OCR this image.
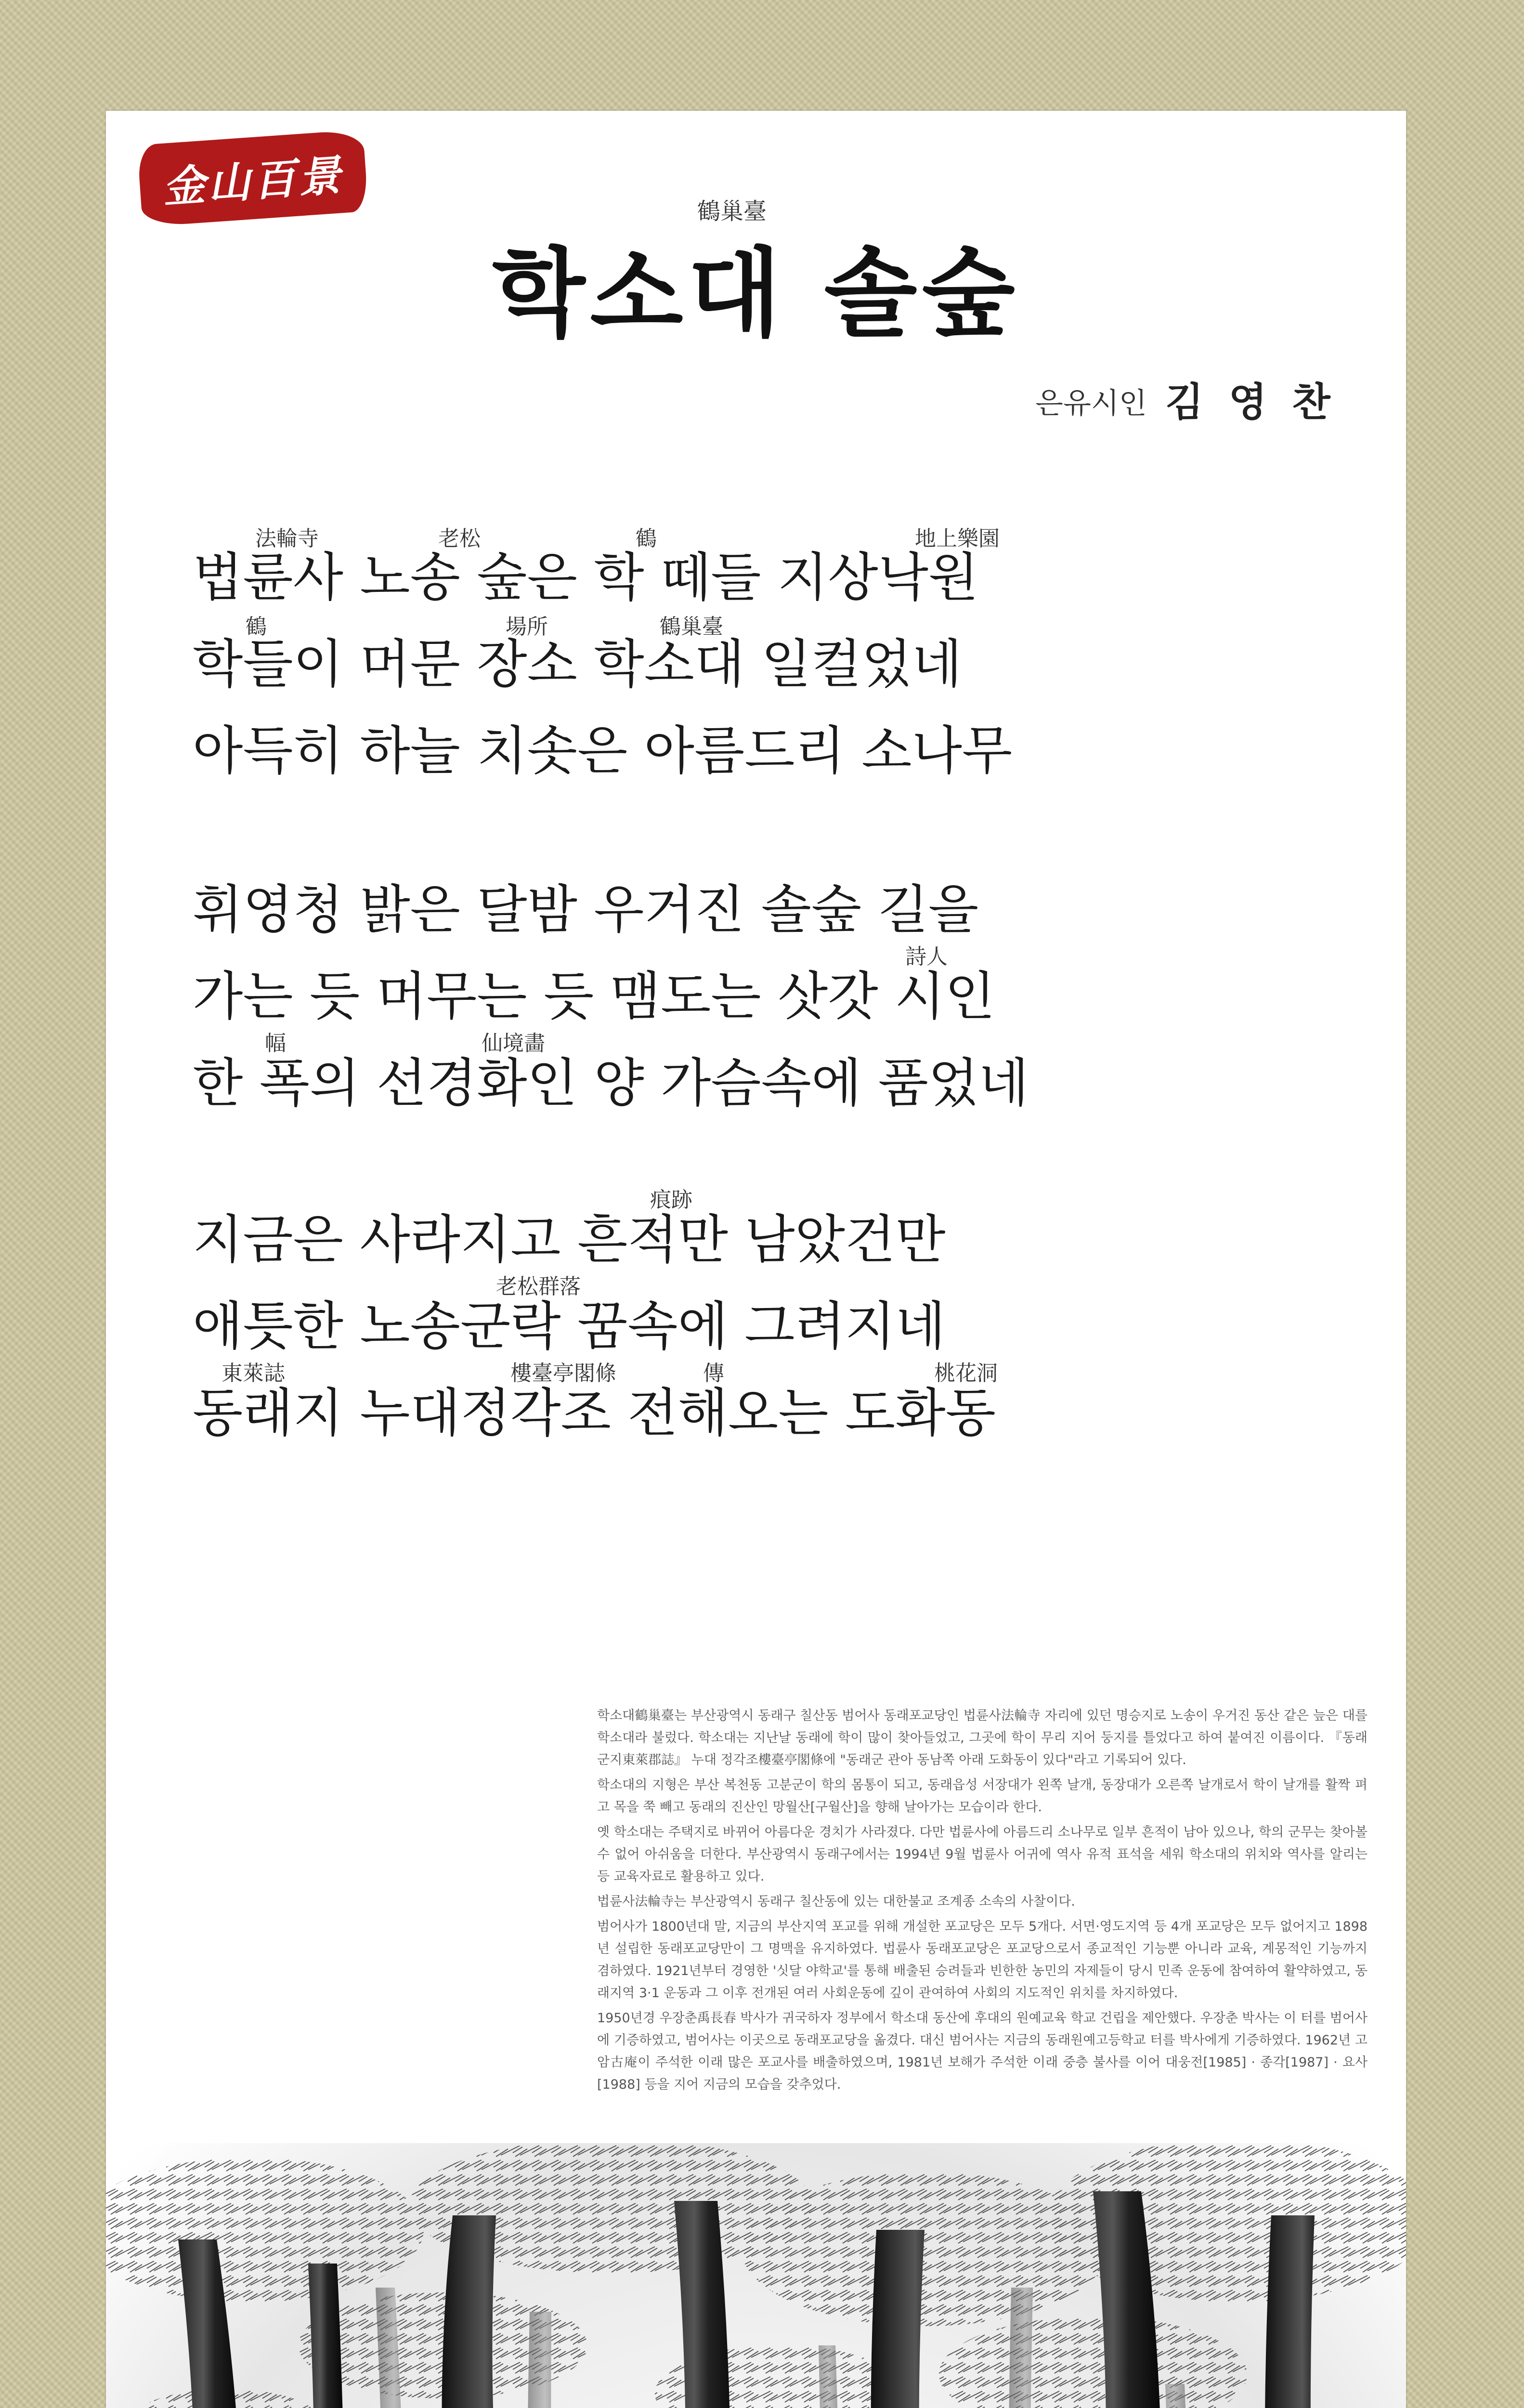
金山百景	鶴巢臺
학소대 솔숲
은유시인 김 영 찬
法輪寺	老松	鶴	地上樂園
법륜사 노송 숲은 학 떼들 지상낙원
鶴	場所	鶴巢臺
학들이 머문 장소 학소대 일컬었네
아득히 하늘 치솟은 아름드리 소나무
휘영청 밝은 달밤 우거진 솔숲 길을
詩人
가는 듯 머무는 듯 맴도는 삿갓 시인
幅	仙境畵
한 폭의 선경화인 양 가슴속에 품었네
痕跡
지금은 사라지고 흔적만 남았건만
老松群落
애틋한 노송군락 꿈속에 그려지네
東萊誌	樓臺亭閣條	傳	桃花洞
동래지 누대정각조 전해오는 도화동

학소대鶴巢臺는 부산광역시 동래구 칠산동 범어사 동래포교당인 법륜사法輪寺 자리에 있던 명승지로 노송이 우거진 동산 같은 늪은 대를 학소대라 불렀다. 학소대는 지난날 동래에 학이 많이 찾아들었고, 그곳에 학이 무리 지어 둥지를 틀었다고 하여 붙여진 이름이다. 『동래군지東萊郡誌』 누대 정각조樓臺亭閣條에 "동래군 관아 동남쪽 아래 도화동이 있다"라고 기록되어 있다.

학소대의 지형은 부산 복천동 고분군이 학의 몸통이 되고, 동래읍성 서장대가 왼쪽 날개, 동장대가 오른쪽 날개로서 학이 날개를 활짝 펴고 목을 쭉 빼고 동래의 진산인 망월산[구월산]을 향해 날아가는 모습이라 한다.

옛 학소대는 주택지로 바뀌어 아름다운 경치가 사라졌다. 다만 법륜사에 아름드리 소나무로 일부 흔적이 남아 있으나, 학의 군무는 찾아볼 수 없어 아쉬움을 더한다. 부산광역시 동래구에서는 1994년 9월 법륜사 어귀에 역사 유적 표석을 세워 학소대의 위치와 역사를 알리는 등 교육자료로 활용하고 있다.

법륜사法輪寺는 부산광역시 동래구 칠산동에 있는 대한불교 조계종 소속의 사찰이다.

범어사가 1800년대 말, 지금의 부산지역 포교를 위해 개설한 포교당은 모두 5개다. 서면·영도지역 등 4개 포교당은 모두 없어지고 1898년 설립한 동래포교당만이 그 명맥을 유지하였다. 법륜사 동래포교당은 포교당으로서 종교적인 기능뿐 아니라 교육, 계몽적인 기능까지 겸하였다. 1921년부터 경영한 '싯달 야학교'를 통해 배출된 승려들과 빈한한 농민의 자제들이 당시 민족 운동에 참여하여 활약하였고, 동래지역 3·1 운동과 그 이후 전개된 여러 사회운동에 깊이 관여하여 사회의 지도적인 위치를 차지하였다.

1950년경 우장춘禹長春 박사가 귀국하자 정부에서 학소대 동산에 후대의 원예교육 학교 건립을 제안했다. 우장춘 박사는 이 터를 범어사에 기증하였고, 범어사는 이곳으로 동래포교당을 옮겼다. 대신 범어사는 지금의 동래원예고등학교 터를 박사에게 기증하였다. 1962년 고암古庵이 주석한 이래 많은 포교사를 배출하였으며, 1981년 보해가 주석한 이래 중층 불사를 이어 대웅전[1985] · 종각[1987] · 요사[1988] 등을 지어 지금의 모습을 갖추었다.
